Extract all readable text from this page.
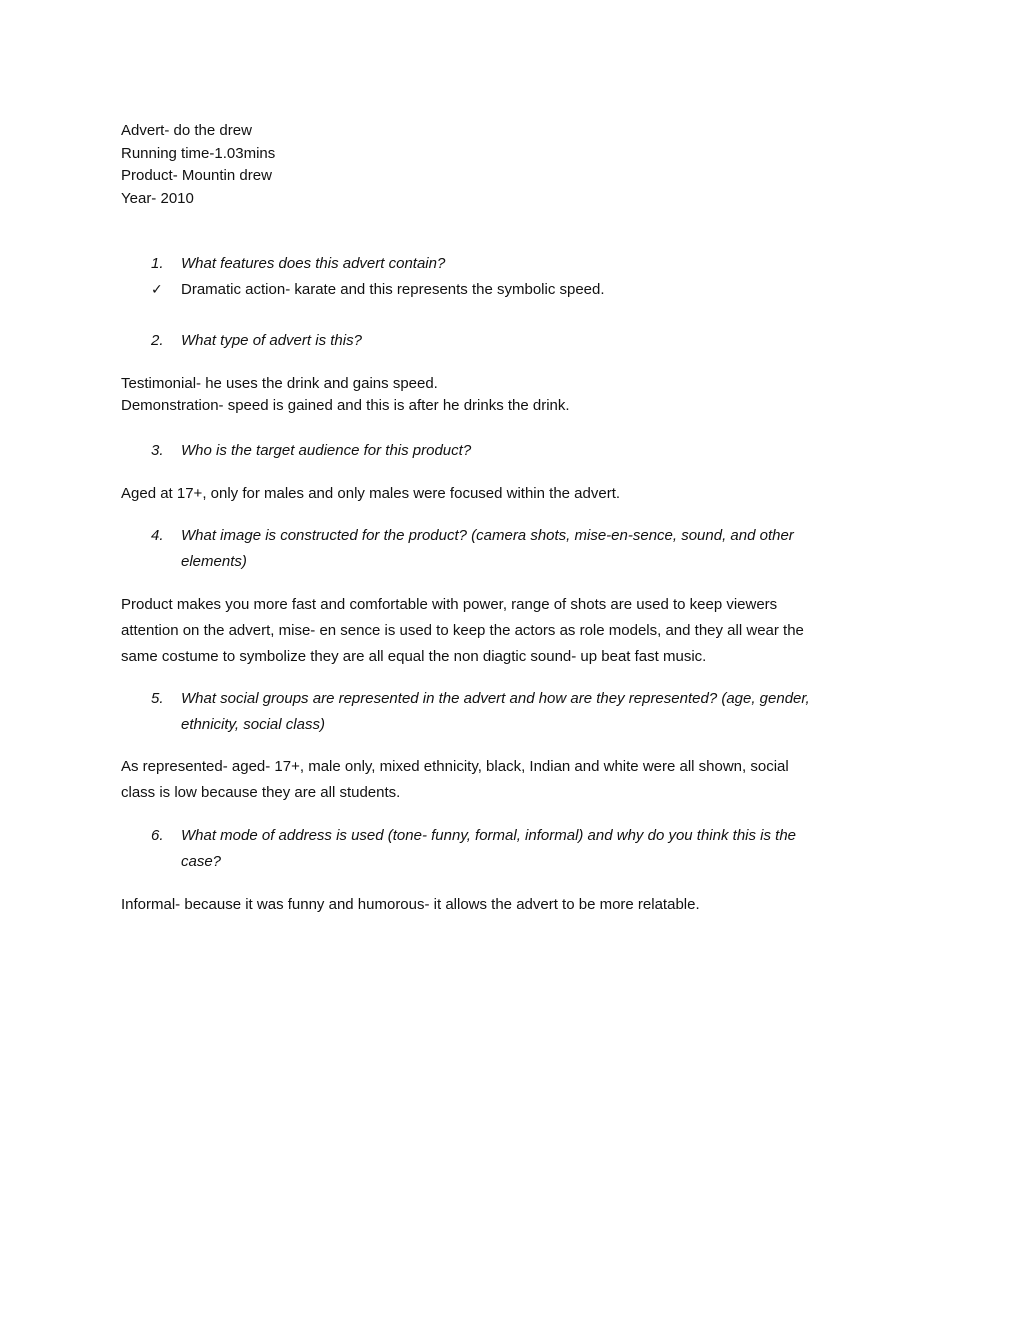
Advert- do the drew
Running time-1.03mins
Product- Mountin drew
Year- 2010
1. What features does this advert contain?
✓ Dramatic action- karate and this represents the symbolic speed.
2. What type of advert is this?
Testimonial- he uses the drink and gains speed.
Demonstration- speed is gained and this is after he drinks the drink.
3. Who is the target audience for this product?
Aged at 17+, only for males and only males were focused within the advert.
4. What image is constructed for the product? (camera shots, mise-en-sence, sound, and other
elements)
Product makes you more fast and comfortable with power, range of shots are used to keep viewers
attention on the advert, mise- en sence is used to keep the actors as role models, and they all wear the
same costume to symbolize they are all equal the non diagtic sound- up beat fast music.
5. What social groups are represented in the advert and how are they represented? (age, gender,
ethnicity, social class)
As represented- aged- 17+, male only, mixed ethnicity, black, Indian and white were all shown, social
class is low because they are all students.
6. What mode of address is used (tone- funny, formal, informal) and why do you think this is the
case?
Informal- because it was funny and humorous- it allows the advert to be more relatable.
